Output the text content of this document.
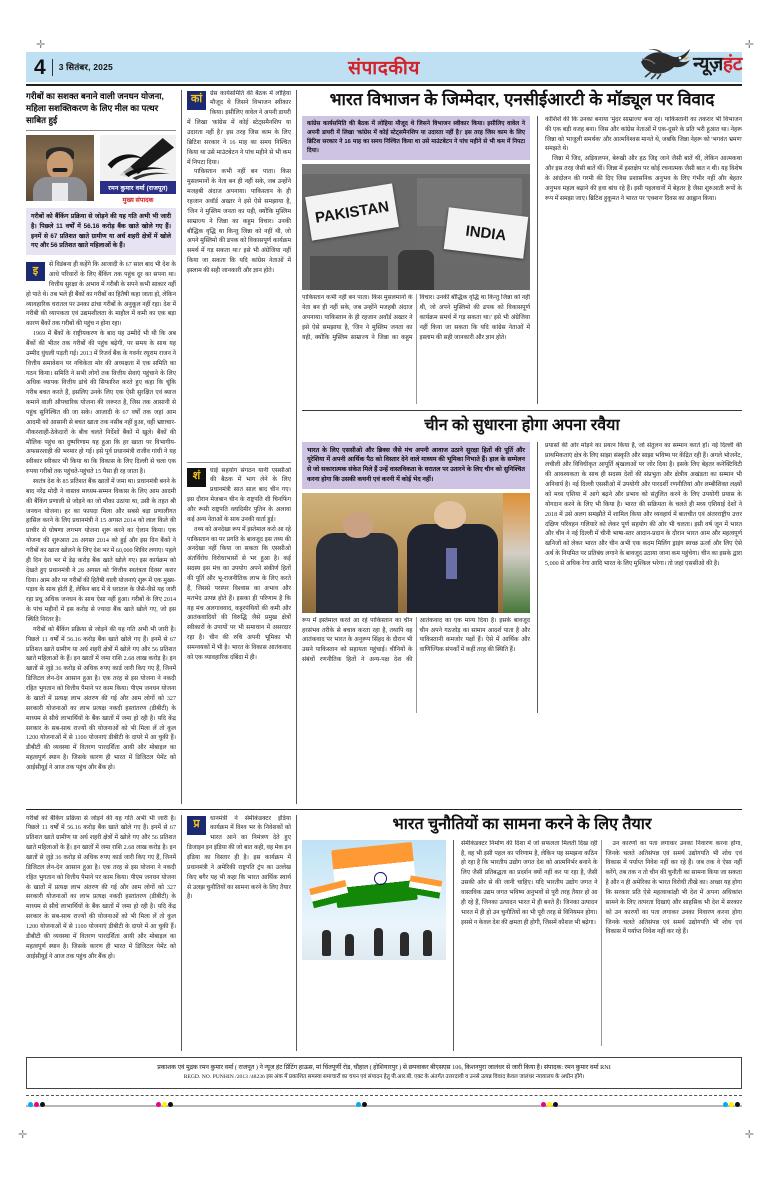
✛	✛
✛	✛
4	3 सितंबर, 2025	संपादकीय	न्यूज़हंट
गरीबों का सशक्त बनाने वाली जनधन योजना, महिला सशक्तिकरण के लिए मील का पत्थर साबित हुई
रमन कुमार वर्मा (राजपूत)
मुख्य संपादक
गरीबों को बैंकिंग प्रक्रिया से जोड़ने की यह गति अभी भी जारी है। पिछले 11 वर्षों में 56.16 करोड़ बैंक खाते खोले गए हैं। इनमें से 67 प्रतिशत खाते ग्रामीण या अर्ध शहरी क्षेत्रों में खोले गए और 56 प्रतिशत खाते महिलाओं के हैं।

इ	से विडंबना ही कहेंगे कि आजादी के 67 साल बाद भी देश के आधे परिवारों के लिए बैंकिंग तक पहुंच दूर का सपना था। वित्तीय सुरक्षा के अभाव में गरीबी के सपने कभी साकार नहीं हो पाते थे। तब भले ही बैंकों का गरीबों का हितैषी कहा जाता हो, लेकिन व्यावहारिक धरातल पर उनका ढांचा गरीबों के अनुकूल नहीं रहा। देश में गरीबी की व्यापकता एवं उद्यमशीलता के माहौल में कमी का एक बड़ा कारण बैंकों तक गरीबों की पहुंच न होना रहा।

1969 में बैंकों के राष्ट्रीयकरण के बाद यह उम्मीदें भी थी कि अब बैंकों की भीतर तक गरीबों की पहुंच बढ़ेगी, पर समय के साथ यह उम्मीद धुंधली पड़ती गई। 2013 में रिजर्व बैंक के गवर्नर रघुराम राजन ने वित्तीय समावेशन पर नचिकेता मोर की अध्यक्षता में एक समिति का गठन किया। समिति ने सभी लोगों तक वित्तीय सेवाएं पहुंचाने के लिए अधिक व्यापक वित्तीय ढांचे की सिफारिश करते हुए कहा कि चूंकि गरीब बचत करते हैं, इसलिए उनके लिए एक ऐसी सुरक्षित एवं ब्याज कमाने वाली औपचारिक योजना की जरूरत है, जिस तक आसानी से पहुंच सुनिश्चित की जा सके। आजादी के 67 वर्षों तक जहां आम आदमी को आसानी से बचत खाता तक नसीब नहीं हुआ, वहीं भ्रष्टाचार-नौकरशाही-ठेकेदारों के बीच चलते निर्देशों बैंकों में खुले। बैंकों की मौलिक पहुंच का दुष्परिणाम यह हुआ कि हर खाता पर विभागीय-अफसरशाही की भरमार हो गई। इसे पूर्व प्रधानमंत्री राजीव गांधी ने यह स्वीकार स्वीकार भी किया था कि विकास के लिए दिल्ली से चला एक रुपया गरीबों तक पहुंचते-पहुंचते 15 पैसा ही रह जाता है।

स्वतंत्र देश के 85 प्रतिशत बैंक खातों में जमा था। प्रधानमंत्री बनने के बाद नरेंद्र मोदी ने वास्तव माध्यम-सम्मन विकास के लिए आम आदमी की बैंकिंग प्रणाली से जोड़ने का जो मौका उठाया था, उसी के तहत श्री जनधन योजना। हर का फायदा मिला और सबसे बड़ा प्रणालीगत हासिल करने के लिए प्रधानमंत्री ने 15 अगस्त 2014 को लाल किले की प्राचीर से घोषणा लगभग योजना शुरू करने का ऐलान किया। एक योजना की शुरुआत 28 अगस्त 2014 को हुई और इस दिन बैंकों ने गरीबों का खाता खोलने के लिए देश भर में 60,000 शिविर लगाए। पहले ही दिन देश भर में डेढ़ करोड़ बैंक खाते खोले गए। इस कार्यक्रम को देखते हुए प्रधानमंत्री ने 28 अगस्त को 'वित्तीय स्वतंत्रता दिवस' करार दिया। आम और पर गरीबों की हितैषी वाली योजनाएं शुरू में एक मुख्य-पड़ाव के साथ होती हैं, लेकिन बाद में ये धरातल के जैसे-जैसे यह जारी रहा प्रधू अधिक जनधन के साथ ऐसा नहीं हुआ। गरीबों के लिए 2014 के पांच महीनों में इस करोड़ से ज्यादा बैंक खाते खोले गए, जो इस स्थिति निरंतर है।

गरीबों को बैंकिंग प्रक्रिया से जोड़ने की यह गति अभी भी जारी है। पिछले 11 वर्षों में 56.16 करोड़ बैंक खाते खोले गए हैं। इनमें से 67 प्रतिशत खाते ग्रामीण या अर्ध शहरी क्षेत्रों में खोले गए और 56 प्रतिशत खाते महिलाओं के हैं। इन खातों में जमा राशि 2.68 लाख करोड़ है। इन खातों से जुड़े 36 करोड़ से अधिक रुपए कार्ड जारी किए गए हैं, जिनमें डिजिटल लेन-देन आसान हुआ है। एक तरह से इस योजना ने नकदी रहित भुगतान को वित्तीय पैमाने पर काम किया। पीएम जनधन योजना के खातों में प्रत्यक्ष लाभ अंतरण की गई और आम लोगों को 327 सरकारी योजनाओं का लाभ प्रत्यक्ष नकदी हस्तांतरण (डीबीटी) के माध्यम से सीधे लाभार्थियों के बैंक खातों में जमा हो रही है। यदि केंद्र सरकार के सब-साथ राज्यों की योजनाओं को भी मिला लें तो कुल 1200 योजनाओं में से 1100 योजनाएं डीबीटी के दायरे में आ चुकी हैं। डीबीटी की व्यवस्था में वितरण पारदर्शिता आयी और मोबाइल का महत्वपूर्ण स्थान है। जिसके कारण ही भारत में डिजिटल पेमेंट को आईसीयूई ने आज तक पहुंच और बैंक हो।

कां	ग्रेस कार्यसमिति की बैठक में लोहिया मौजूद थे जिसने विभाजन स्वीकार किया। इसीलिए वावेल ने अपनी डायरी में लिखा 'कांग्रेस में कोई स्टेट्समैनशिप या उदारता नहीं है।' इस तरह जिस काम के लिए ब्रिटिश सरकार ने 16 माह का समय निश्चित किया था उसे माउंटबेटन ने पांच महीने से भी कम में निपटा दिया।

पाकिस्तान कभी नहीं बन पाता। किस मुसलमानों के नेता बन ही नहीं सके, जब उन्होंने मजहबी अंदाज अपनाया। पाकिस्तान के ही रहजान अवॉर्ड अख्तर ने इसे ऐसे समझाया है, 'जिन ने मुस्लिम जनता का यही, क्योंकि मुस्लिम साम्राज्य ने जिन्ना का कहुम विचार। उनकी बौद्धिक वृद्धि था किन्तु जिन्ना को नहीं थी, जो अपने मुस्लिमो की ढपक को विकासपूर्ण कार्यक्रम समर्थ में गड़ सकता था।' इसे भी अंग्रेजिया नहीं किया जा सकता कि यदि कांग्रेस नेताओं में इस्लाम की सही जानकारी और ज्ञान होते।

शं	घाई सहयोग संगठन यानी एससीओ की बैठक में भाग लेने के लिए प्रधानमंत्री सात साल बाद चीन गए। इस दौरान मेजबान चीन के राष्ट्रपति शी चिनफिंग और रूसी राष्ट्रपति व्लादिमीर पुतिन के अलावा कई अन्य नेताओं के साथ उनकी वार्ता हुई।

तथ्य को अनदेखा रूप में इस्तेमाल करो आ रहे पाकिस्तान का पर प्रगति के बावजूद इस तथ्य की अनदेखा नहीं किया जा सकता कि एससीओ अंतर्विरोध विरोधाभासों से भर हुआ है। कई सदस्य इस मंच का उपयोग अपने संकीर्ण हितों की पूर्ति और भू-राजनीतिक लाभ के लिए करते हैं, जिससे परस्पर विश्वास का अभाव और मतभेद उत्पन्न होते हैं। इसका ही परिणाम है कि यह मंच अलगाववाद, कट्टरपंथियों की कमी और आतंकवादियों की विरुद्धि जैसे प्रमुख क्षेत्रों स्वीकारों के उपायों पर भी समाधान में असरदार रहा है। चीन की रुचि अपनी भूमिका भी समन्वयकों में भी है। भारत के विकास आतंकवाद को एक व्यावहारिक दबिंदा में ही।

भारत विभाजन के जिम्मेदार, एनसीईआरटी के मॉड्यूल पर विवाद
कांग्रेस कार्यसमिति की बैठक में लोहिया मौजूद थे जिसने विभाजन स्वीकार किया। इसीलिए वावेल ने अपनी डायरी में लिखा 'कांग्रेस में कोई स्टेट्समैनशिप या उदारता नहीं है।' इस तरह जिस काम के लिए ब्रिटिश सरकार ने 16 माह का समय निश्चित किया था उसे माउंटबेटन ने पांच महीने से भी कम में निपटा दिया।
PAKISTAN
INDIA

पाकिस्तान कभी नहीं बन पाता। किस मुसलमानों के नेता बन ही नहीं सके, जब उन्होंने मजहबी अंदाज अपनाया। पाकिस्तान के ही रहजान अवॉर्ड अख्तर ने इसे ऐसे समझाया है, 'जिन ने मुस्लिम जनता का यही, क्योंकि मुस्लिम साम्राज्य ने जिन्ना का कहुम विचार। उनकी बौद्धिक वृद्धि था किन्तु जिन्ना को नहीं थी, जो अपने मुस्लिमो की ढपक को विकासपूर्ण कार्यक्रम समर्थ में गड़ सकता था।' इसे भी अंग्रेजिया नहीं किया जा सकता कि यदि कांग्रेस नेताओं में इस्लाम की सही जानकारी और ज्ञान होते।

कोशिशें कीं कि उनका बनाया 'मुंदर साम्राज्य' बना रहे। पाकिस्तानी का तकरार भी विभाजन की एक बड़ी वजह बना। जिस और कांग्रेस नेताओं में एक-दूसरे के प्रति भरी हुआत था। नेहरू जिन्ना को 'माजूली समर्थक' और आत्मविश्वस मानते थे, जबकि जिन्ना नेहरू को 'भगवंत भ्रमण' समझते थे।

जिन्ना में जिद, अड़ियलपन, बेरुखी और हठ जिद्द जाने जैसी बातें थीं, लेकिन आत्मकथा और इस तरह जैसी बातें थीं। जिन्ना में हस्तक्षेप पर कोई रचनात्मक जैसी बात न थी। यह विशेष के आंदोलन की गरमी की दिए जिस प्रशासनिक अनुभव के लिए गंभीर नहीं और बेहतर अनुभव महत्व बढ़ाने की हवा बांध रहे हैं। इसी पहलवानों में बेहतर है जैसा शुरुआती रूपों के रूप में समझा जाए। ब्रिटिश हुकूमत ने भारत पर 'एक्शन' दिवस का आह्वान किया।

चीन को सुधारना होगा अपना रवैया
भारत के लिए एससीओ और ब्रिक्स जैसे मंच अपनी आवाज उठाने सुरक्षा हितों की पूर्ति और यूरेशिया में अपनी आर्थिक पैठ को विस्तार देने वाले माध्यम की भूमिका निभाते हैं। हाल के सम्मेलन से जो सकारात्मक संकेत मिले हैं उन्हें वास्तविकता के धरातल पर उतारने के लिए चीन को सुनिश्चित करना होगा कि उसकी कथनी एवं करनी में कोई भेद नहीं।

रूप में इस्तेमाल करते आ रहे पाकिस्तान का चीन हरसंभव तरीके से बचाव करता रहा है, तथापि वह आतंकवाद पर भारत के अनुरूप सिंहद के दौरान भी उसने पाकिस्तान को सहायता पहुंचाई। चीनियों के संबंधों रणनीतिक हितों ने अन्य-पक्ष देश की आतंकवाद का एक मान्य दिया है। इसके बावजूद चीन अपने गठजोड़ का सामान आदर्श पाता है और पाकिस्तानी कमजोर पक्षों हैं। ऐसे में आर्थिक और वाणिज्यिक संपर्कों में कहीं तरह की स्थिति हैं।

प्रयासों की ओर मोड़ने का प्रयत्न किया है, जो संतुलन का सम्मान करते हों। नई दिल्ली की प्राथमिकताएं क्षेत्र के लिए साझा संस्कृति और साझा भविष्य पर केंद्रित रही हैं। अगले भोजनेंट, लचीली और विविधीकृत आपूर्ति श्रृंखलाओं पर जोर दिया है। इसके लिए बेहतर कनेक्टिविटी की आवश्यकता के साथ ही सदस्य देशों की संप्रभुता और क्षेत्रीय अखंडता का सम्मान भी अनिवार्य है। नई दिल्ली एससीओ में उपयोगी और पारदर्शी रणनीतियां और लम्बीशिक्त लक्ष्यों को मध्य एशिया में आगे बढ़ने और प्रभाव को संतुलित करने के लिए उपयोगी प्रयास के योगदान करने के लिए भी किया है। भारत की सक्रियता के चलते ही मध्य एशियाई देशों ने 2018 में उसे अलग समझौते में शामिल किया और व्यवहार्य में बातचीत एवं अंतरराष्ट्रीय उत्तर दक्षिण परिवहन गलियारे को लेकर पूर्ण सहयोग की ओर भी चलता। इसी वर्ष जून में भारत और चीन ने नई दिल्ली में चीनी भाषा-स्तर आदान-प्रदान के दौरान भारत आम और महत्वपूर्ण खनिजों को लेकर भारत और चीन अभी एक कदम मिलिंग ड्राइंग स्वच्छ ऊर्जा और लिए ऐसे अर्थ के नियमित पर प्रतिबंध लगाने के बावजूद उठाया जाना कम पहुंचेगा। चीन का इसके द्वारा 5,000 से अधिक रेगा आदि भारत के लिए मुश्किल भरेगा। तो जहां एससीओ की है।

गरीबों को बैंकिंग प्रक्रिया से जोड़ने की यह गति अभी भी जारी है। पिछले 11 वर्षों में 56.16 करोड़ बैंक खाते खोले गए हैं। इनमें से 67 प्रतिशत खाते ग्रामीण या अर्ध शहरी क्षेत्रों में खोले गए और 56 प्रतिशत खाते महिलाओं के हैं। इन खातों में जमा राशि 2.68 लाख करोड़ है। इन खातों से जुड़े 36 करोड़ से अधिक रुपए कार्ड जारी किए गए हैं, जिनमें डिजिटल लेन-देन आसान हुआ है। एक तरह से इस योजना ने नकदी रहित भुगतान को वित्तीय पैमाने पर काम किया। पीएम जनधन योजना के खातों में प्रत्यक्ष लाभ अंतरण की गई और आम लोगों को 327 सरकारी योजनाओं का लाभ प्रत्यक्ष नकदी हस्तांतरण (डीबीटी) के माध्यम से सीधे लाभार्थियों के बैंक खातों में जमा हो रही है। यदि केंद्र सरकार के सब-साथ राज्यों की योजनाओं को भी मिला लें तो कुल 1200 योजनाओं में से 1100 योजनाएं डीबीटी के दायरे में आ चुकी हैं। डीबीटी की व्यवस्था में वितरण पारदर्शिता आयी और मोबाइल का महत्वपूर्ण स्थान है। जिसके कारण ही भारत में डिजिटल पेमेंट को आईसीयूई ने आज तक पहुंच और बैंक हो।

प्र	धानमंत्री ने सेमीकंडक्टर इंडिया कार्यक्रम में विश्व भर के निवेशकों को भारत आने का निमंत्रण देते हुए डिजाइन इन इंडिया की जो बात कही, वह मेक इन इंडिया का विस्तार ही है। इस कार्यक्रम में प्रधानमंत्री ने अमेरिकी राष्ट्रपति ट्रंप का उल्लेख किए बगैर यह भी कहा कि भारत आर्थिक स्वार्थ से उलझ चुनौतियों का सामना करने के लिए तैयार है।

भारत चुनौतियों का सामना करने के लिए तैयार

सेमीकंडक्टर निर्माण की दिशा में जो सफलता मिलती दिख रही है, वह भी इसी पहल का परिणाम है, लेकिन यह समझना कठिन हो रहा है कि भारतीय उद्योग जगत देश को आत्मनिर्भर बनाने के लिए जैसी प्रतिबद्धता का प्रदर्शन क्यों नहीं कर पा रहा है, जैसी उसकी ओर से की जानी चाहिए। यदि भारतीय उद्योग जगत ने वास्तविक उद्यम जगत भविष्य अनुभवों से पूरी तरह तैयार हो आ ही रहे हैं, जिनका उत्पादन भारत में ही बनते हैं। जिनका उत्पादन भारत में ही हो उन चुनौतियों का भी पूरी तरह से विनियमन होगा। इससे न केवल देश की क्षमता ही होगी, जिसमें कौशल भी बढ़ेगा।

उन कारणों का पता लगाकर उनका निवारण करना होगा, जिनके चलते अतिसंपन्न एवं समर्थ उद्योगपति भी शोध एवं विकास में पर्याप्त निवेश नहीं कर रहे हैं। जब तक वे ऐसा नहीं करेंगे, तब तक न तो चीन की चुनौती का सामना किया जा सकता है और न ही अमेरिका के भारत विरोधी तीखे का। अच्छा यह होगा कि सरकार प्रति ऐसे महत्वाकांक्षी भी देश में अपना अधिकांश सामने के लिए तत्परता दिखाएं और साहसिक भी देश में सरकार को उन कारणों का पता लगाकर उनका निवारण करना होगा जिनके चलते अतिसंपन्न एवं समर्थ उद्योगपति भी शोध एवं विकास में पर्याप्त निवेश नहीं कर रहे हैं।

प्रकाशक एवं मुद्रक रमन कुमार वर्मा ( राजपूत ) ने न्यूज हंट प्रिंटिंग हाऊस, मां चिंतपूर्णी रोड, चौहाल ( होशियारपुर ) से छपवाकर बीएसएस 106, किशनपुरा जालंधर से जारी किया है। संपादक: रमन कुमार वर्मा RNI
REGD. NO. PUNHIN /2013 /48236 इस अंक में प्रकाशित समस्या समाचारों का चयन एवं संपादन हेतु पी.आर.बी. एक्ट के अंतर्गत उत्तरदायी व उनसे उत्पन्न विवाद केवल जालंधर न्यायालय के अधीन होंगे।
